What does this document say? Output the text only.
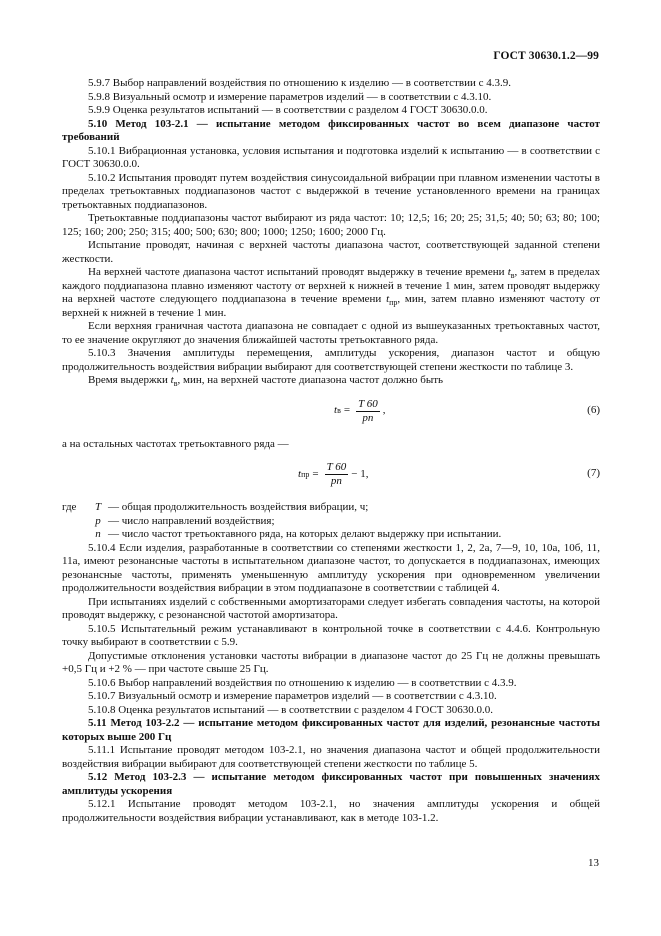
ГОСТ 30630.1.2—99

5.9.7 Выбор направлений воздействия по отношению к изделию — в соответствии с 4.3.9.

5.9.8 Визуальный осмотр и измерение параметров изделий — в соответствии с 4.3.10.

5.9.9 Оценка результатов испытаний — в соответствии с разделом 4 ГОСТ 30630.0.0.

5.10 Метод 103-2.1 — испытание методом фиксированных частот во всем диапазоне частот требований

5.10.1 Вибрационная установка, условия испытания и подготовка изделий к испытанию — в соответствии с ГОСТ 30630.0.0.

5.10.2 Испытания проводят путем воздействия синусоидальной вибрации при плавном изменении частоты в пределах третьоктавных поддиапазонов частот с выдержкой в течение установленного времени на границах третьоктавных поддиапазонов.

Третьоктавные поддиапазоны частот выбирают из ряда частот: 10; 12,5; 16; 20; 25; 31,5; 40; 50; 63; 80; 100; 125; 160; 200; 250; 315; 400; 500; 630; 800; 1000; 1250; 1600; 2000 Гц.

Испытание проводят, начиная с верхней частоты диапазона частот, соответствующей заданной степени жесткости.

На верхней частоте диапазона частот испытаний проводят выдержку в течение времени $t_в$, затем в пределах каждого поддиапазона плавно изменяют частоту от верхней к нижней в течение 1 мин, затем проводят выдержку на верхней частоте следующего поддиапазона в течение времени $t_{пр}$, мин, затем плавно изменяют частоту от верхней к нижней в течение 1 мин.

Если верхняя граничная частота диапазона не совпадает с одной из вышеуказанных третьоктавных частот, то ее значение округляют до значения ближайшей частоты третьоктавного ряда.

5.10.3 Значения амплитуды перемещения, амплитуды ускорения, диапазон частот и общую продолжительность воздействия вибрации выбирают для соответствующей степени жесткости по таблице 3.

Время выдержки $t_в$, мин, на верхней частоте диапазона частот должно быть

t $в = \frac{T 60}{pn}$ ,	(6)

а на остальных частотах третьоктавного ряда —

t пр = $\frac{T 60}{pn} - 1$,	(7)
где	T — общая продолжительность воздействия вибрации, ч;
p — число направлений воздействия;
n — число частот третьоктавного ряда, на которых делают выдержку при испытании.

5.10.4 Если изделия, разработанные в соответствии со степенями жесткости 1, 2, 2а, 7—9, 10, 10а, 10б, 11, 11а, имеют резонансные частоты в испытательном диапазоне частот, то допускается в поддиапазонах, имеющих резонансные частоты, применять уменьшенную амплитуду ускорения при одновременном увеличении продолжительности воздействия вибрации в этом поддиапазоне в соответствии с таблицей 4.

При испытаниях изделий с собственными амортизаторами следует избегать совпадения частоты, на которой проводят выдержку, с резонансной частотой амортизатора.

5.10.5 Испытательный режим устанавливают в контрольной точке в соответствии с 4.4.6. Контрольную точку выбирают в соответствии с 5.9.

Допустимые отклонения установки частоты вибрации в диапазоне частот до 25 Гц не должны превышать +0,5 Гц и +2 % — при частоте свыше 25 Гц.

5.10.6 Выбор направлений воздействия по отношению к изделию — в соответствии с 4.3.9.

5.10.7 Визуальный осмотр и измерение параметров изделий — в соответствии с 4.3.10.

5.10.8 Оценка результатов испытаний — в соответствии с разделом 4 ГОСТ 30630.0.0.

5.11 Метод 103-2.2 — испытание методом фиксированных частот для изделий, резонансные частоты которых выше 200 Гц

5.11.1 Испытание проводят методом 103-2.1, но значения диапазона частот и общей продолжительности воздействия вибрации выбирают для соответствующей степени жесткости по таблице 5.

5.12 Метод 103-2.3 — испытание методом фиксированных частот при повышенных значениях амплитуды ускорения

5.12.1 Испытание проводят методом 103-2.1, но значения амплитуды ускорения и общей продолжительности воздействия вибрации устанавливают, как в методе 103-1.2.

13
